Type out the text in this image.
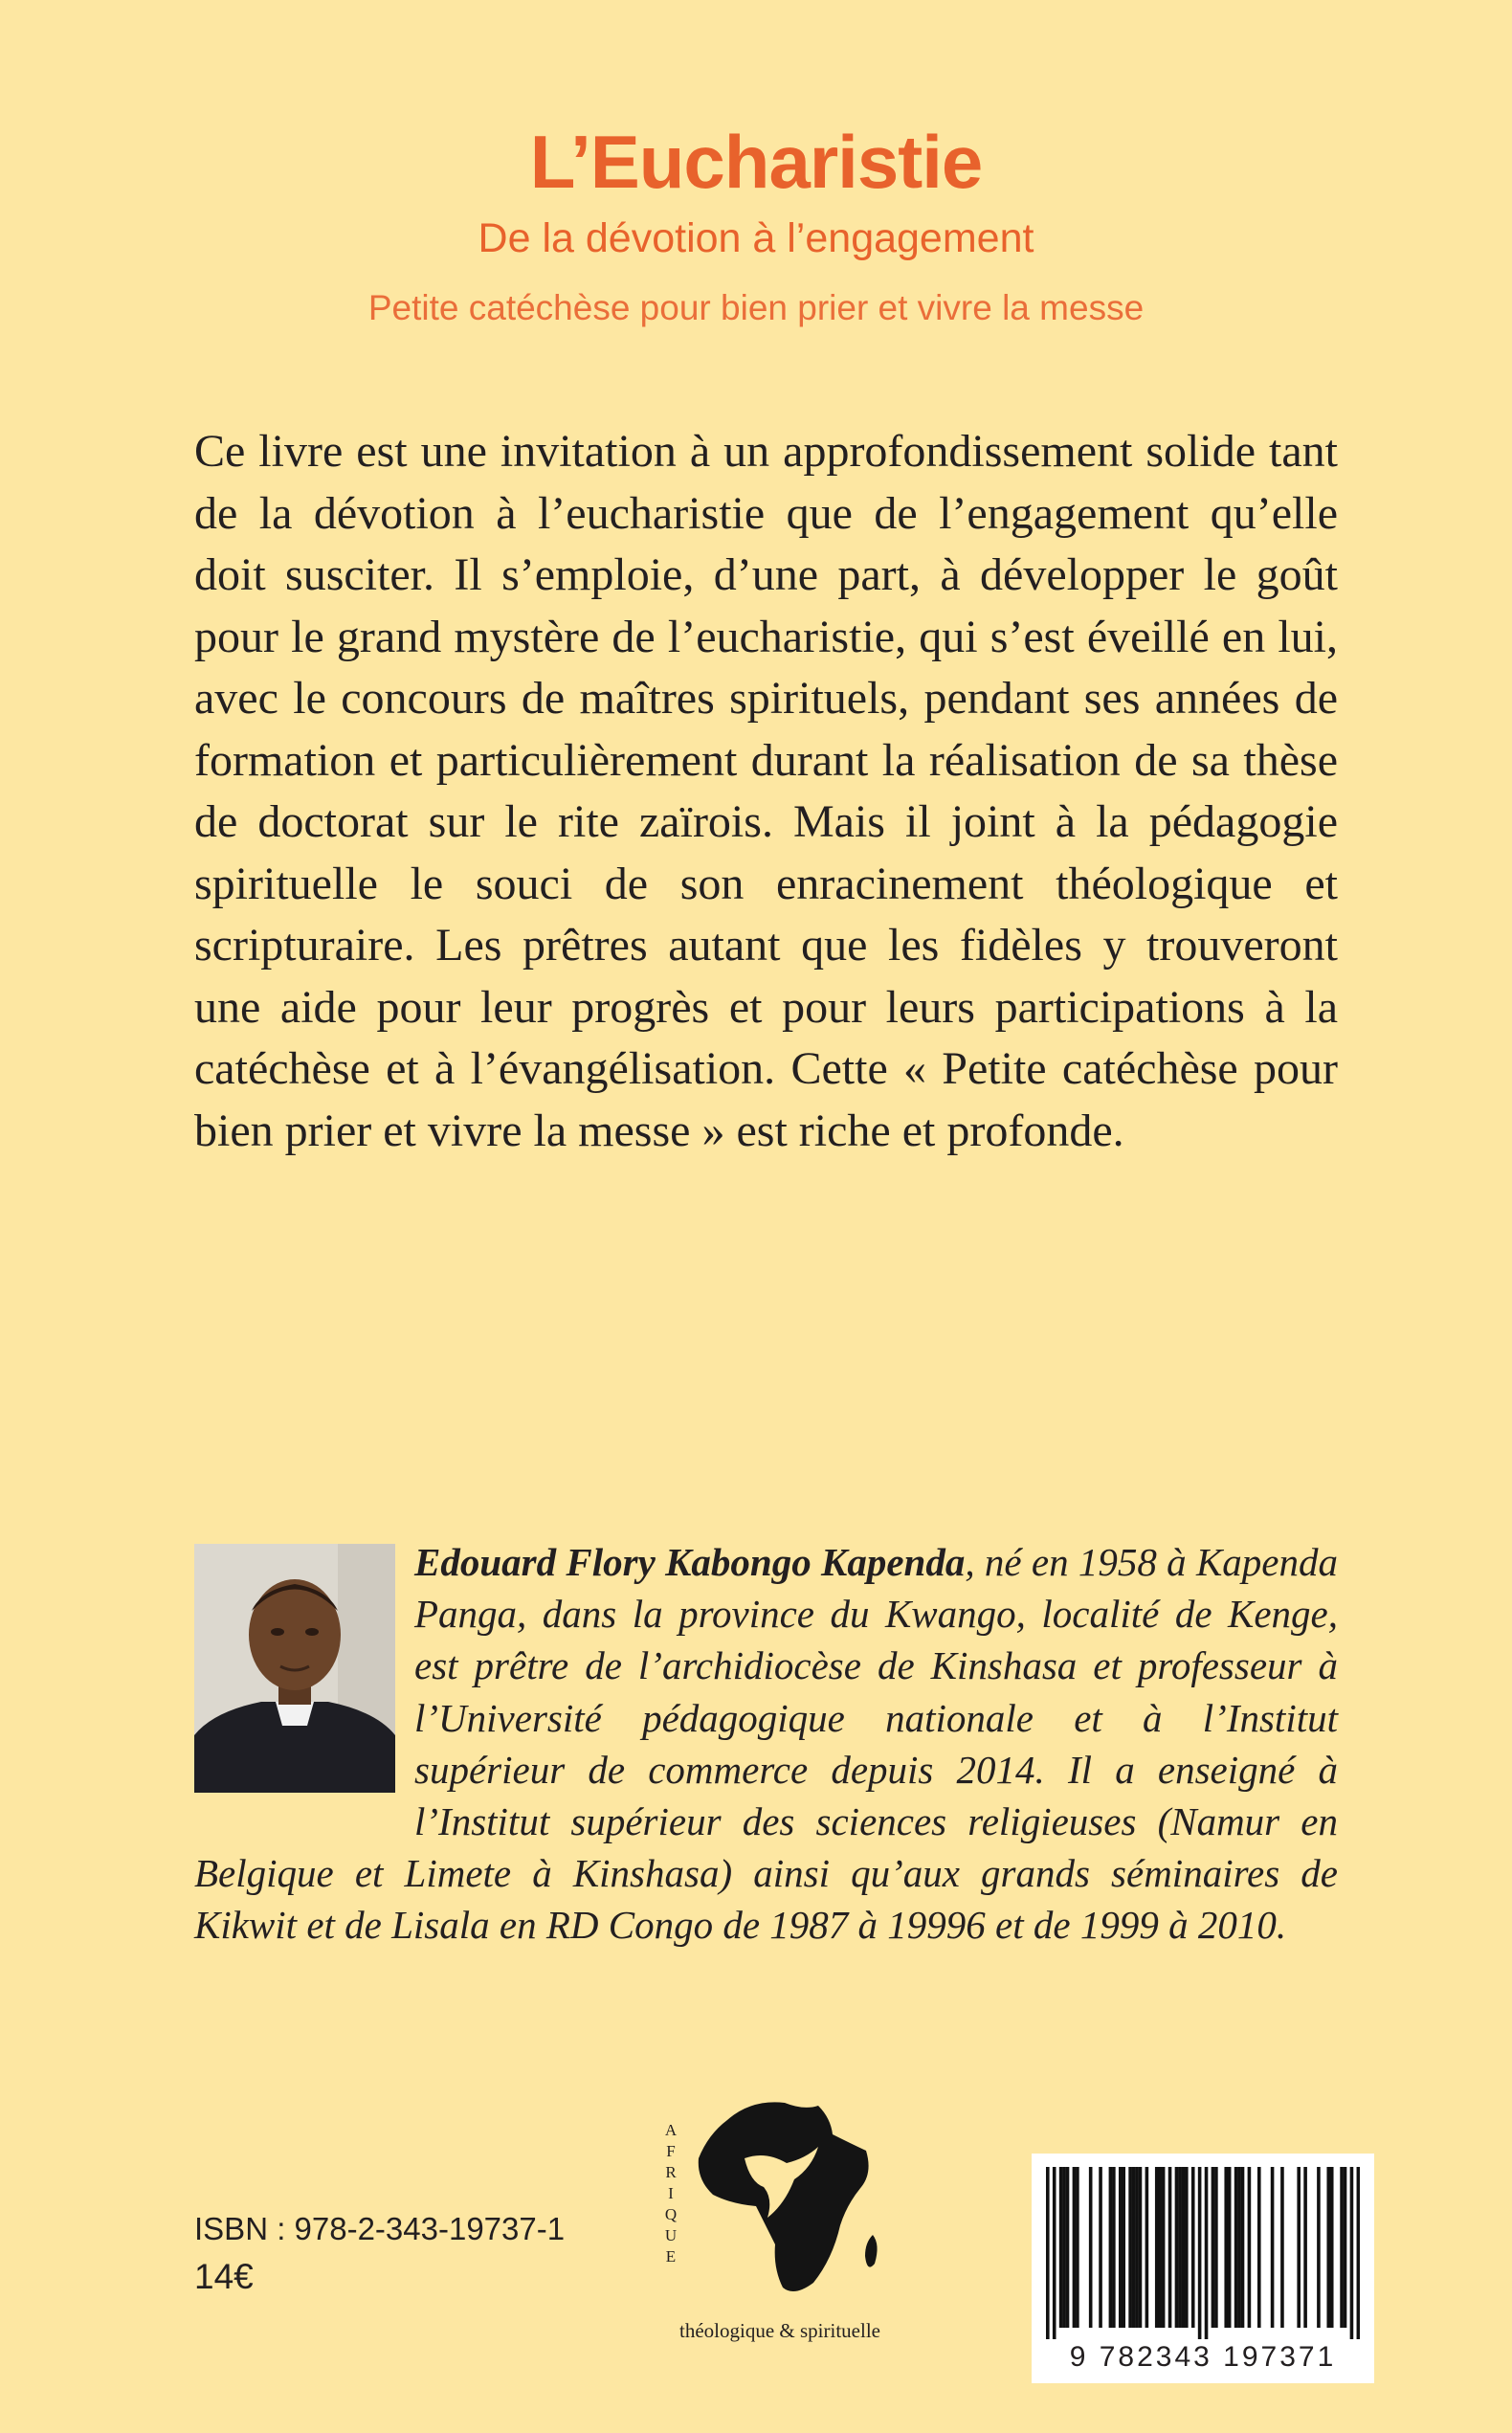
L’Eucharistie
De la dévotion à l’engagement
Petite catéchèse pour bien prier et vivre la messe

Ce livre est une invitation à un approfondissement solide tant de la dévotion à l’eucharistie que de l’engagement qu’elle doit susciter. Il s’emploie, d’une part, à développer le goût pour le grand mystère de l’eucharistie, qui s’est éveillé en lui, avec le concours de maîtres spirituels, pendant ses années de formation et particulièrement durant la réalisation de sa thèse de doctorat sur le rite zaïrois. Mais il joint à la pédagogie spirituelle le souci de son enracinement théologique et scripturaire. Les prêtres autant que les fidèles y trouveront une aide pour leur progrès et pour leurs participations à la catéchèse et à l’évangélisation. Cette « Petite catéchèse pour bien prier et vivre la messe » est riche et profonde.

Edouard Flory Kabongo Kapenda, né en 1958 à Kapenda Panga, dans la province du Kwango, localité de Kenge, est prêtre de l’archidiocèse de Kinshasa et professeur à l’Université pédagogique nationale et à l’Institut supérieur de commerce depuis 2014. Il a enseigné à l’Institut supérieur des sciences religieuses (Namur en Belgique et Limete à Kinshasa) ainsi qu’aux grands séminaires de Kikwit et de Lisala en RD Congo de 1987 à 19996 et de 1999 à 2010.

A
F
R
I
Q
U
E
théologique & spirituelle
ISBN : 978-2-343-19737-1
14€
9 782343 197371
